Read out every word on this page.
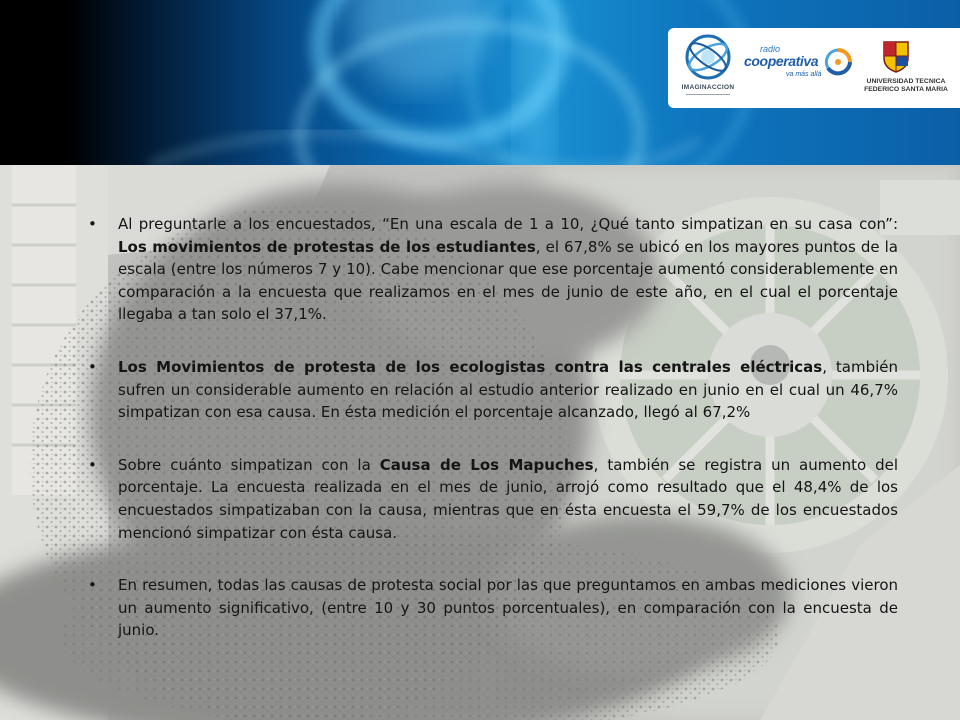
IMAGINACCION
radio
cooperativa
va más allá
UNIVERSIDAD TECNICA
FEDERICO SANTA MARIA
• Al preguntarle a los encuestados, “En una escala de 1 a 10, ¿Qué tanto simpatizan en su casa con”: Los movimientos de protestas de los estudiantes, el 67,8% se ubicó en los mayores puntos de la escala (entre los números 7 y 10). Cabe mencionar que ese porcentaje aumentó considerablemente en comparación a la encuesta que realizamos en el mes de junio de este año, en el cual el porcentaje llegaba a tan solo el 37,1%.
• Los Movimientos de protesta de los ecologistas contra las centrales eléctricas, también sufren un considerable aumento en relación al estudio anterior realizado en junio en el cual un 46,7% simpatizan con esa causa. En ésta medición el porcentaje alcanzado, llegó al 67,2%
• Sobre cuánto simpatizan con la Causa de Los Mapuches, también se registra un aumento del porcentaje. La encuesta realizada en el mes de junio, arrojó como resultado que el 48,4% de los encuestados simpatizaban con la causa, mientras que en ésta encuesta el 59,7% de los encuestados mencionó simpatizar con ésta causa.
• En resumen, todas las causas de protesta social por las que preguntamos en ambas mediciones vieron un aumento significativo, (entre 10 y 30 puntos porcentuales), en comparación con la encuesta de junio.
